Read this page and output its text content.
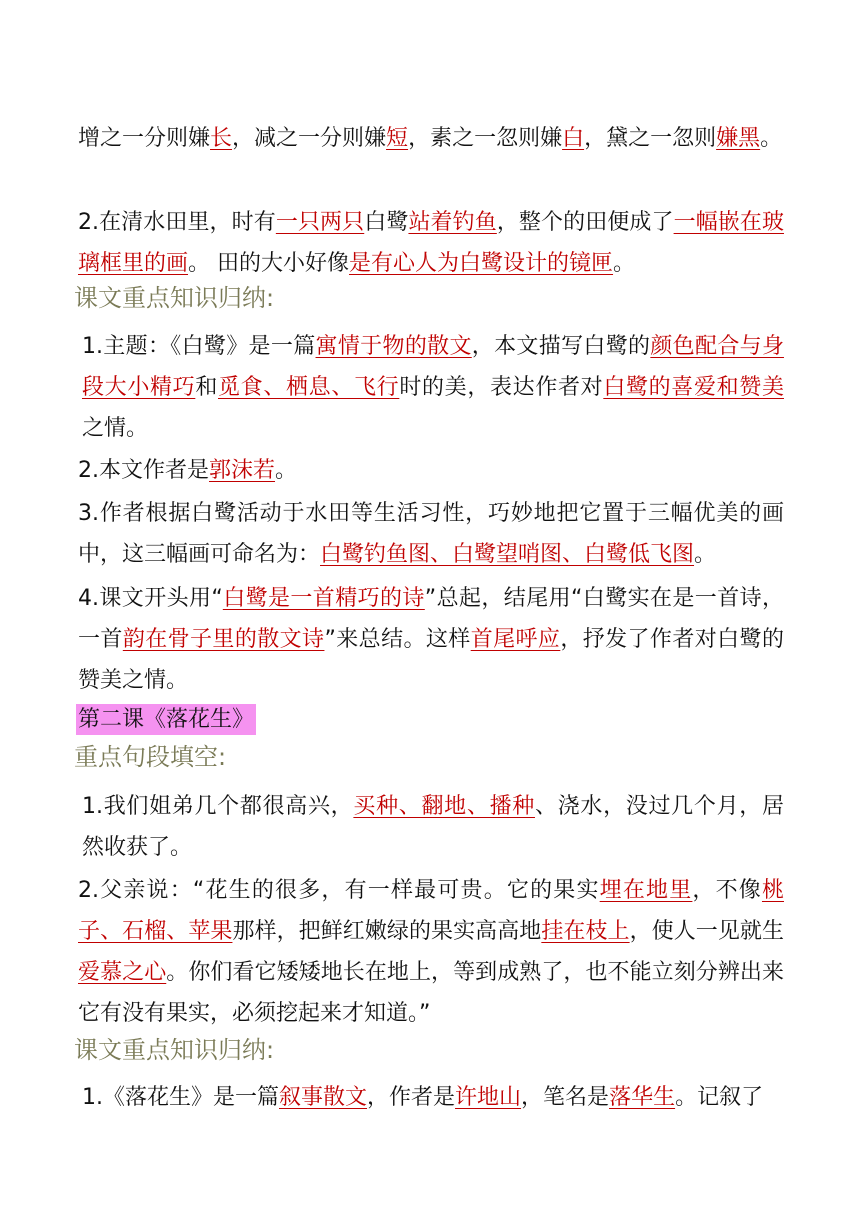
增之一分则嫌长，减之一分则嫌短，素之一忽则嫌白，黛之一忽则嫌黑。
2.在清水田里，时有一只两只白鹭站着钓鱼，整个的田便成了一幅嵌在玻璃框里的画。 田的大小好像是有心人为白鹭设计的镜匣。
课文重点知识归纳:
1.主题：《白鹭》是一篇寓情于物的散文，本文描写白鹭的颜色配合与身段大小精巧和觅食、栖息、飞行时的美，表达作者对白鹭的喜爱和赞美之情。
2.本文作者是郭沫若。
3.作者根据白鹭活动于水田等生活习性，巧妙地把它置于三幅优美的画中，这三幅画可命名为：白鹭钓鱼图、白鹭望哨图、白鹭低飞图。
4.课文开头用“白鹭是一首精巧的诗”总起，结尾用“白鹭实在是一首诗，一首韵在骨子里的散文诗”来总结。这样首尾呼应，抒发了作者对白鹭的赞美之情。
第二课《落花生》
重点句段填空:
1.我们姐弟几个都很高兴，买种、翻地、播种、浇水，没过几个月，居然收获了。
2.父亲说：“花生的很多，有一样最可贵。它的果实埋在地里，不像桃子、石榴、苹果那样，把鲜红嫩绿的果实高高地挂在枝上，使人一见就生爱慕之心。你们看它矮矮地长在地上，等到成熟了，也不能立刻分辨出来它有没有果实，必须挖起来才知道。”
课文重点知识归纳:
1.《落花生》是一篇叙事散文，作者是许地山，笔名是落华生。记叙了
